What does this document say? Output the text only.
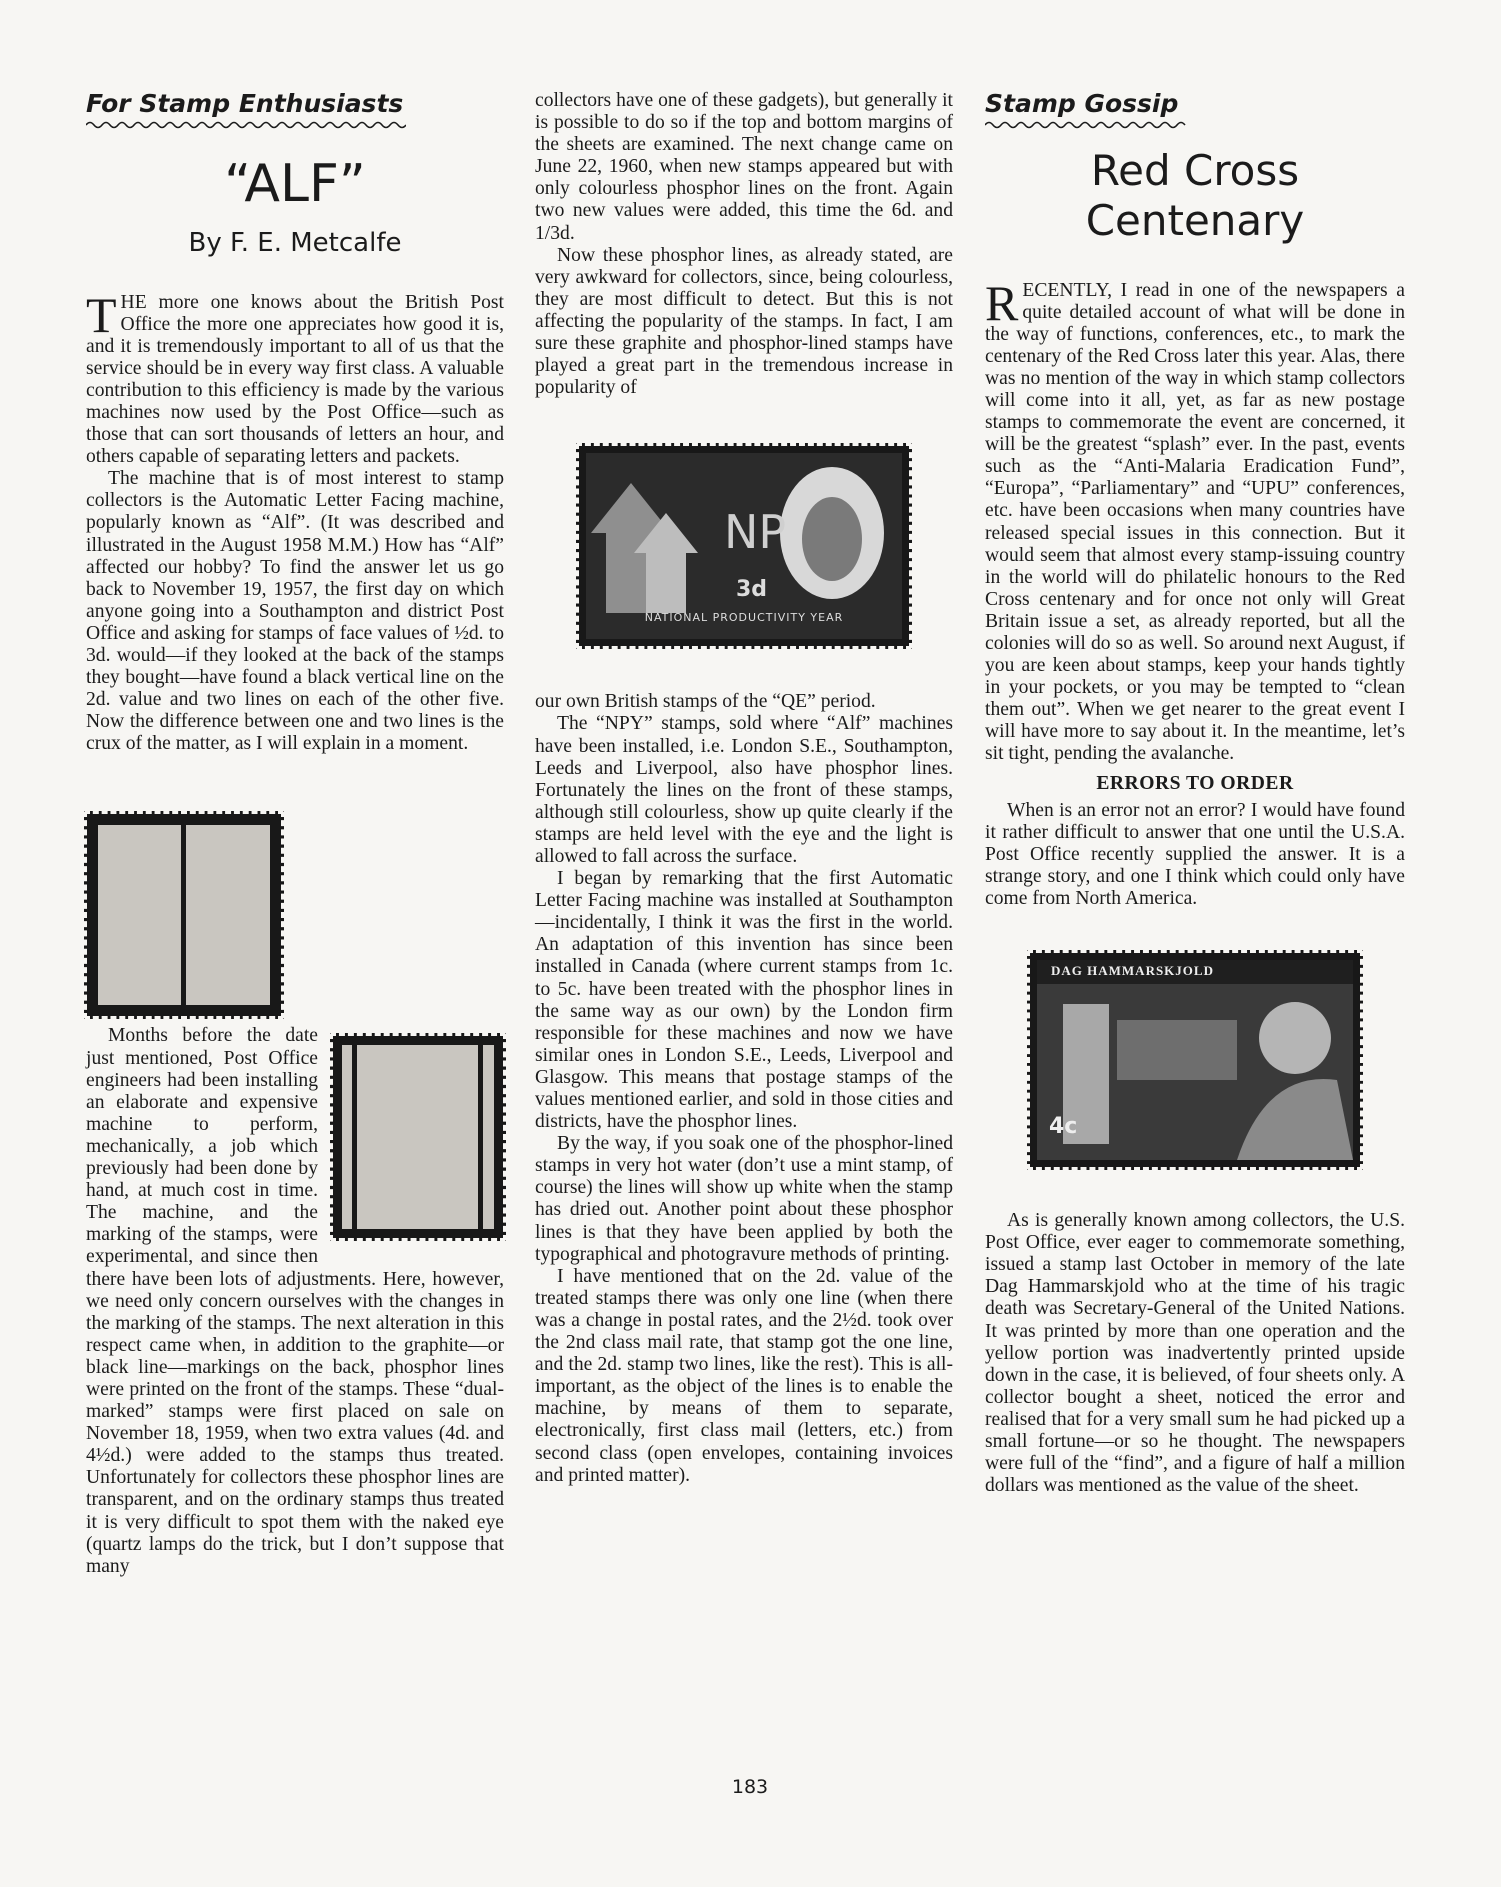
For Stamp Enthusiasts
“ALF”
By F. E. Metcalfe

THE more one knows about the British Post Office the more one appreciates how good it is, and it is tremendously important to all of us that the service should be in every way first class. A valuable contribution to this efficiency is made by the various machines now used by the Post Office—such as those that can sort thousands of letters an hour, and others capable of separating letters and packets.

The machine that is of most interest to stamp collectors is the Automatic Letter Facing machine, popularly known as “Alf”. (It was described and illustrated in the August 1958 M.M.) How has “Alf” affected our hobby? To find the answer let us go back to November 19, 1957, the first day on which anyone going into a Southampton and district Post Office and asking for stamps of face values of ½d. to 3d. would—if they looked at the back of the stamps they bought—have found a black vertical line on the 2d. value and two lines on each of the other five. Now the difference between one and two lines is the crux of the matter, as I will explain in a moment.

Months before the date just mentioned, Post Office engineers had been installing an elaborate and expensive machine to perform, mechanically, a job which previously had been done by hand, at much cost in time. The machine, and the marking of the stamps, were experimental, and since then there have been lots of adjustments. Here, however, we need only concern ourselves with the changes in the marking of the stamps. The next alteration in this respect came when, in addition to the graphite—or black line—markings on the back, phosphor lines were printed on the front of the stamps. These “dual-marked” stamps were first placed on sale on November 18, 1959, when two extra values (4d. and 4½d.) were added to the stamps thus treated. Unfortunately for collectors these phosphor lines are transparent, and on the ordinary stamps thus treated it is very difficult to spot them with the naked eye (quartz lamps do the trick, but I don’t suppose that many

collectors have one of these gadgets), but generally it is possible to do so if the top and bottom margins of the sheets are examined. The next change came on June 22, 1960, when new stamps appeared but with only colourless phosphor lines on the front. Again two new values were added, this time the 6d. and 1/3d.

Now these phosphor lines, as already stated, are very awkward for collectors, since, being colourless, they are most difficult to detect. But this is not affecting the popularity of the stamps. In fact, I am sure these graphite and phosphor-lined stamps have played a great part in the tremendous increase in popularity of

NP
3d
NATIONAL PRODUCTIVITY YEAR

our own British stamps of the “QE” period.

The “NPY” stamps, sold where “Alf” machines have been installed, i.e. London S.E., Southampton, Leeds and Liverpool, also have phosphor lines. Fortunately the lines on the front of these stamps, although still colourless, show up quite clearly if the stamps are held level with the eye and the light is allowed to fall across the surface.

I began by remarking that the first Automatic Letter Facing machine was installed at Southampton—incidentally, I think it was the first in the world. An adaptation of this invention has since been installed in Canada (where current stamps from 1c. to 5c. have been treated with the phosphor lines in the same way as our own) by the London firm responsible for these machines and now we have similar ones in London S.E., Leeds, Liverpool and Glasgow. This means that postage stamps of the values mentioned earlier, and sold in those cities and districts, have the phosphor lines.

By the way, if you soak one of the phosphor-lined stamps in very hot water (don’t use a mint stamp, of course) the lines will show up white when the stamp has dried out. Another point about these phosphor lines is that they have been applied by both the typographical and photogravure methods of printing.

I have mentioned that on the 2d. value of the treated stamps there was only one line (when there was a change in postal rates, and the 2½d. took over the 2nd class mail rate, that stamp got the one line, and the 2d. stamp two lines, like the rest). This is all-important, as the object of the lines is to enable the machine, by means of them to separate, electronically, first class mail (letters, etc.) from second class (open envelopes, containing invoices and printed matter).

Stamp Gossip
Red Cross
Centenary

RECENTLY, I read in one of the newspapers a quite detailed account of what will be done in the way of functions, conferences, etc., to mark the centenary of the Red Cross later this year. Alas, there was no mention of the way in which stamp collectors will come into it all, yet, as far as new postage stamps to commemorate the event are concerned, it will be the greatest “splash” ever. In the past, events such as the “Anti-Malaria Eradication Fund”, “Europa”, “Parliamentary” and “UPU” conferences, etc. have been occasions when many countries have released special issues in this connection. But it would seem that almost every stamp-issuing country in the world will do philatelic honours to the Red Cross centenary and for once not only will Great Britain issue a set, as already reported, but all the colonies will do so as well. So around next August, if you are keen about stamps, keep your hands tightly in your pockets, or you may be tempted to “clean them out”. When we get nearer to the great event I will have more to say about it. In the meantime, let’s sit tight, pending the avalanche.

ERRORS TO ORDER

When is an error not an error? I would have found it rather difficult to answer that one until the U.S.A. Post Office recently supplied the answer. It is a strange story, and one I think which could only have come from North America.

DAG HAMMARSKJOLD
4c

As is generally known among collectors, the U.S. Post Office, ever eager to commemorate something, issued a stamp last October in memory of the late Dag Hammarskjold who at the time of his tragic death was Secretary-General of the United Nations. It was printed by more than one operation and the yellow portion was inadvertently printed upside down in the case, it is believed, of four sheets only. A collector bought a sheet, noticed the error and realised that for a very small sum he had picked up a small fortune—or so he thought. The newspapers were full of the “find”, and a figure of half a million dollars was mentioned as the value of the sheet.

183
